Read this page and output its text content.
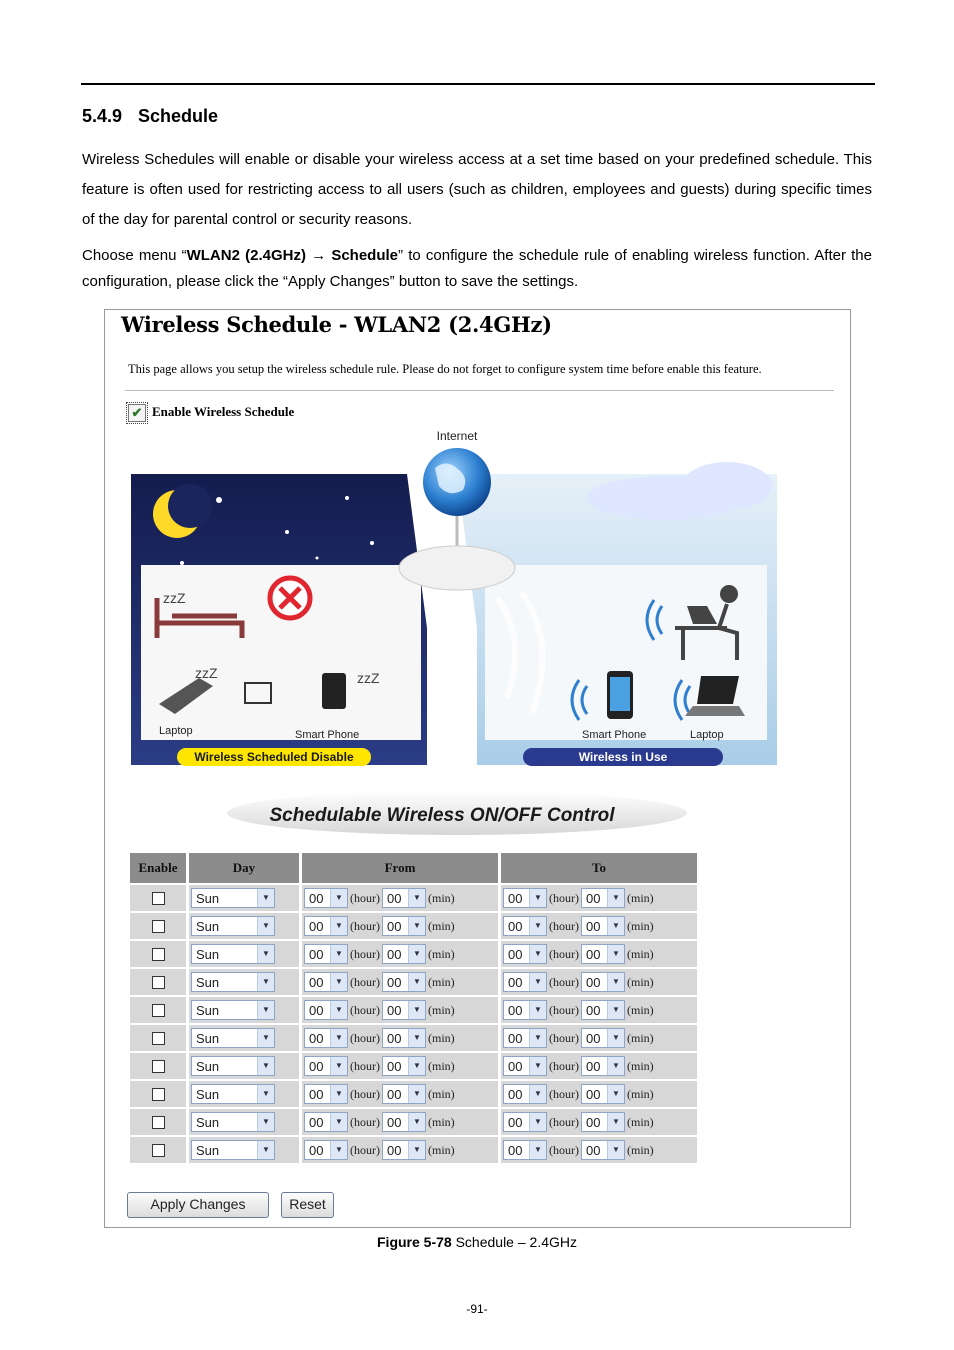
5.4.9 Schedule
Wireless Schedules will enable or disable your wireless access at a set time based on your predefined schedule. This feature is often used for restricting access to all users (such as children, employees and guests) during specific times of the day for parental control or security reasons.
Choose menu “WLAN2 (2.4GHz) → Schedule” to configure the schedule rule of enabling wireless function. After the configuration, please click the “Apply Changes” button to save the settings.
Wireless Schedule - WLAN2 (2.4GHz)
This page allows you setup the wireless schedule rule. Please do not forget to configure system time before enable this feature.
✔ Enable Wireless Schedule
zzZ
zzZ	zzZ
Laptop	Smart Phone
Wireless Scheduled Disable	Wireless in Use
Internet
Smart Phone	Laptop
Schedulable Wireless ON/OFF Control
Enable	Day	From	To
	Sun ▼	00 ▼ (hour) 00 ▼ (min)	00 ▼ (hour) 00 ▼ (min)
	Sun ▼	00 ▼ (hour) 00 ▼ (min)	00 ▼ (hour) 00 ▼ (min)
	Sun ▼	00 ▼ (hour) 00 ▼ (min)	00 ▼ (hour) 00 ▼ (min)
	Sun ▼	00 ▼ (hour) 00 ▼ (min)	00 ▼ (hour) 00 ▼ (min)
	Sun ▼	00 ▼ (hour) 00 ▼ (min)	00 ▼ (hour) 00 ▼ (min)
	Sun ▼	00 ▼ (hour) 00 ▼ (min)	00 ▼ (hour) 00 ▼ (min)
	Sun ▼	00 ▼ (hour) 00 ▼ (min)	00 ▼ (hour) 00 ▼ (min)
	Sun ▼	00 ▼ (hour) 00 ▼ (min)	00 ▼ (hour) 00 ▼ (min)
	Sun ▼	00 ▼ (hour) 00 ▼ (min)	00 ▼ (hour) 00 ▼ (min)
	Sun ▼	00 ▼ (hour) 00 ▼ (min)	00 ▼ (hour) 00 ▼ (min)
Apply Changes	Reset
Figure 5-78 Schedule – 2.4GHz
-91-
